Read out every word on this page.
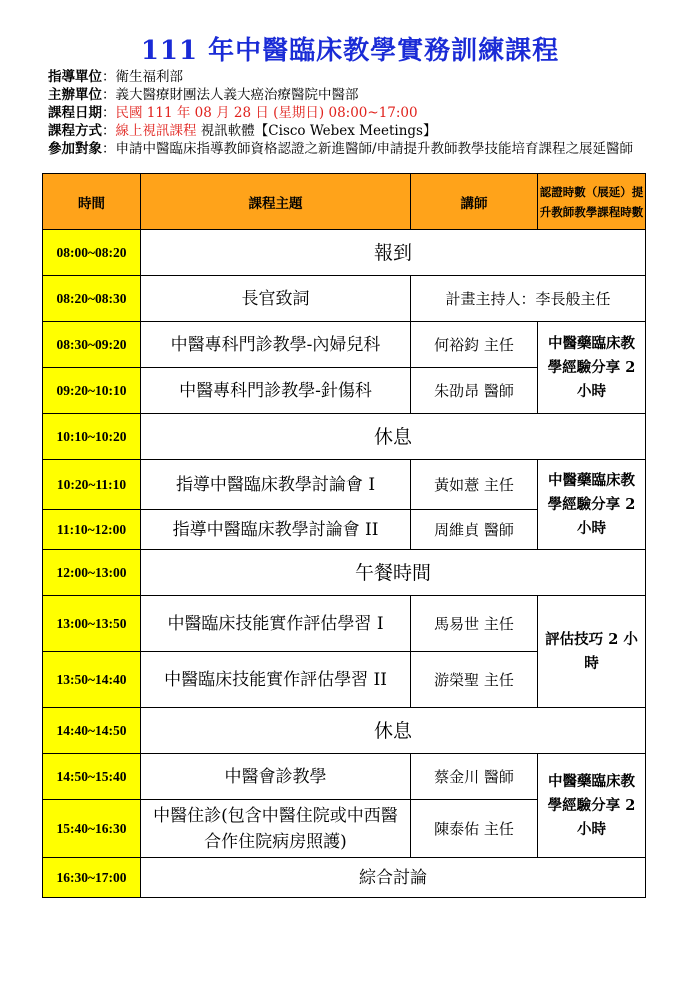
111 年中醫臨床教學實務訓練課程
指導單位：衛生福利部
主辦單位：義大醫療財團法人義大癌治療醫院中醫部
課程日期：民國 111 年 08 月 28 日 (星期日) 08:00~17:00
課程方式：線上視訊課程 視訊軟體【Cisco Webex Meetings】
參加對象：申請中醫臨床指導教師資格認證之新進醫師/申請提升教師教學技能培育課程之展延醫師
時間	課程主題	講師	認證時數（展延）提升教師教學課程時數
08:00~08:20	報到		
08:20~08:30	長官致詞	計畫主持人：李長般主任	
08:30~09:20	中醫專科門診教學-內婦兒科	何裕鈞 主任	中醫藥臨床教學經驗分享 2 小時
09:20~10:10	中醫專科門診教學-針傷科	朱劭昂 醫師	
10:10~10:20	休息		
10:20~11:10	指導中醫臨床教學討論會 I	黃如薏 主任	中醫藥臨床教學經驗分享 2 小時
11:10~12:00	指導中醫臨床教學討論會 II	周維貞 醫師	
12:00~13:00	午餐時間		
13:00~13:50	中醫臨床技能實作評估學習 I	馬易世 主任	評估技巧 2 小時
13:50~14:40	中醫臨床技能實作評估學習 II	游榮聖 主任	
14:40~14:50	休息		
14:50~15:40	中醫會診教學	蔡金川 醫師	中醫藥臨床教學經驗分享 2 小時
15:40~16:30	中醫住診(包含中醫住院或中西醫合作住院病房照護)	陳泰佑 主任	
16:30~17:00	綜合討論		
